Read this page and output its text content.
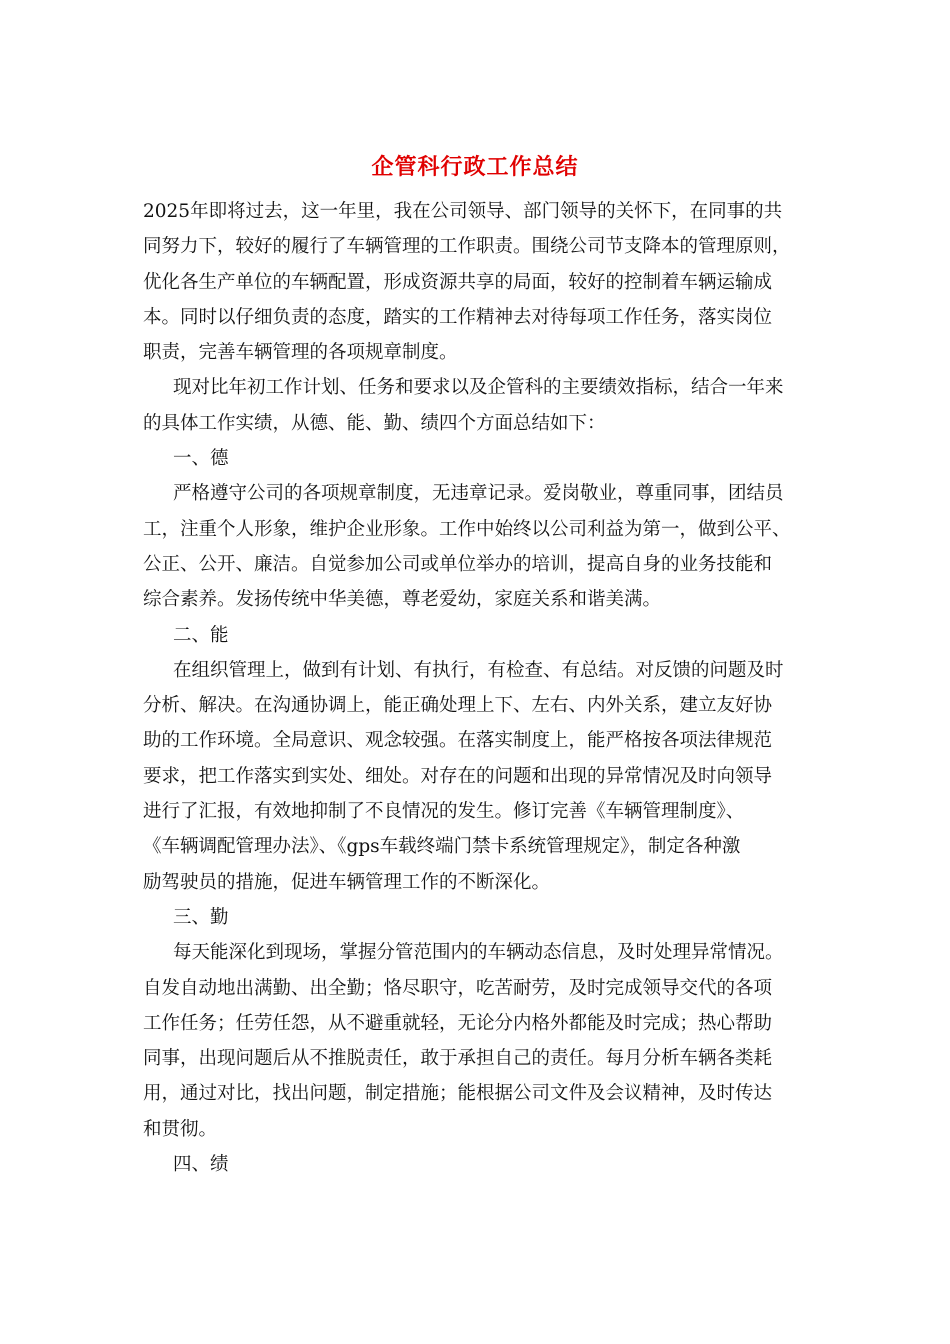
企管科行政工作总结
2025年即将过去，这一年里，我在公司领导、部门领导的关怀下，在同事的共
同努力下，较好的履行了车辆管理的工作职责。围绕公司节支降本的管理原则，
优化各生产单位的车辆配置，形成资源共享的局面，较好的控制着车辆运输成
本。同时以仔细负责的态度，踏实的工作精神去对待每项工作任务，落实岗位
职责，完善车辆管理的各项规章制度。
现对比年初工作计划、任务和要求以及企管科的主要绩效指标，结合一年来
的具体工作实绩，从德、能、勤、绩四个方面总结如下：
一、德
严格遵守公司的各项规章制度，无违章记录。爱岗敬业，尊重同事，团结员
工，注重个人形象，维护企业形象。工作中始终以公司利益为第一，做到公平、
公正、公开、廉洁。自觉参加公司或单位举办的培训，提高自身的业务技能和
综合素养。发扬传统中华美德，尊老爱幼，家庭关系和谐美满。
二、能
在组织管理上，做到有计划、有执行，有检查、有总结。对反馈的问题及时
分析、解决。在沟通协调上，能正确处理上下、左右、内外关系，建立友好协
助的工作环境。全局意识、观念较强。在落实制度上，能严格按各项法律规范
要求，把工作落实到实处、细处。对存在的问题和出现的异常情况及时向领导
进行了汇报，有效地抑制了不良情况的发生。修订完善《车辆管理制度》、
《车辆调配管理办法》、《gps车载终端门禁卡系统管理规定》，制定各种激
励驾驶员的措施，促进车辆管理工作的不断深化。
三、勤
每天能深化到现场，掌握分管范围内的车辆动态信息，及时处理异常情况。
自发自动地出满勤、出全勤；恪尽职守，吃苦耐劳，及时完成领导交代的各项
工作任务；任劳任怨，从不避重就轻，无论分内格外都能及时完成；热心帮助
同事，出现问题后从不推脱责任，敢于承担自己的责任。每月分析车辆各类耗
用，通过对比，找出问题，制定措施；能根据公司文件及会议精神，及时传达
和贯彻。
四、绩
